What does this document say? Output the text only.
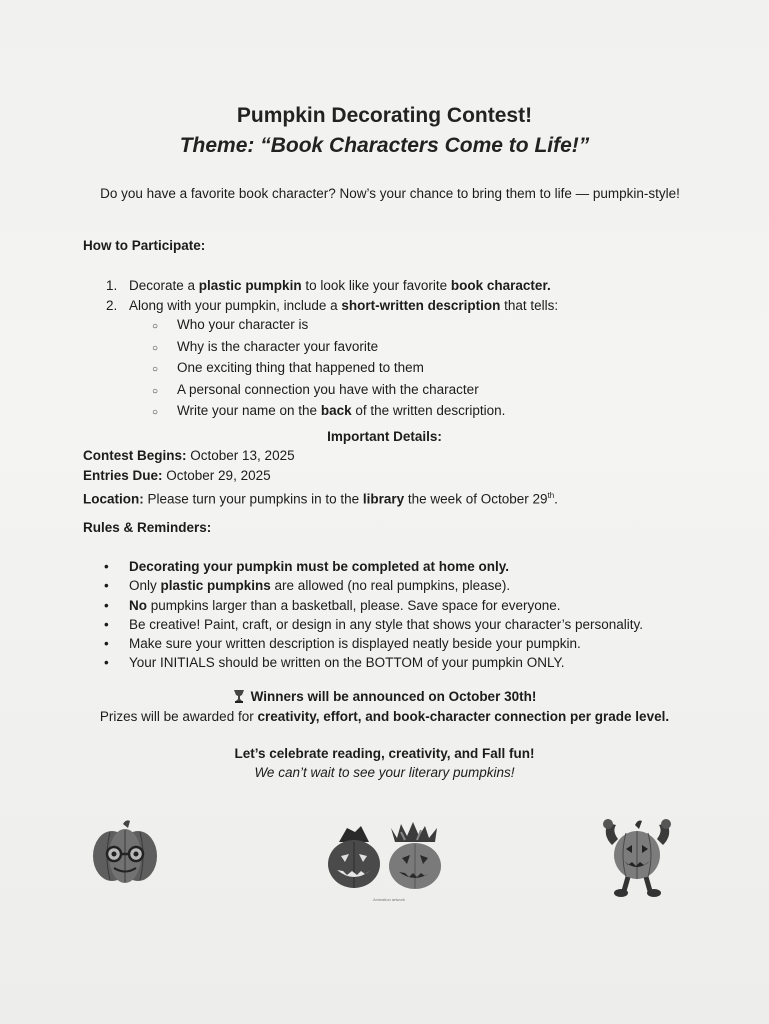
Pumpkin Decorating Contest!
Theme: “Book Characters Come to Life!”
Do you have a favorite book character? Now’s your chance to bring them to life — pumpkin-style!
How to Participate:
1. Decorate a plastic pumpkin to look like your favorite book character.
2. Along with your pumpkin, include a short-written description that tells:
○ Who your character is
○ Why is the character your favorite
○ One exciting thing that happened to them
○ A personal connection you have with the character
○ Write your name on the back of the written description.
Important Details:
Contest Begins: October 13, 2025
Entries Due: October 29, 2025
Location: Please turn your pumpkins in to the library the week of October 29th.
Rules & Reminders:
• Decorating your pumpkin must be completed at home only.
• Only plastic pumpkins are allowed (no real pumpkins, please).
• No pumpkins larger than a basketball, please. Save space for everyone.
• Be creative! Paint, craft, or design in any style that shows your character’s personality.
• Make sure your written description is displayed neatly beside your pumpkin.
• Your INITIALS should be written on the BOTTOM of your pumpkin ONLY.
Winners will be announced on October 30th!
Prizes will be awarded for creativity, effort, and book-character connection per grade level.
Let’s celebrate reading, creativity, and Fall fun!
We can’t wait to see your literary pumpkins!
Animation artwork
